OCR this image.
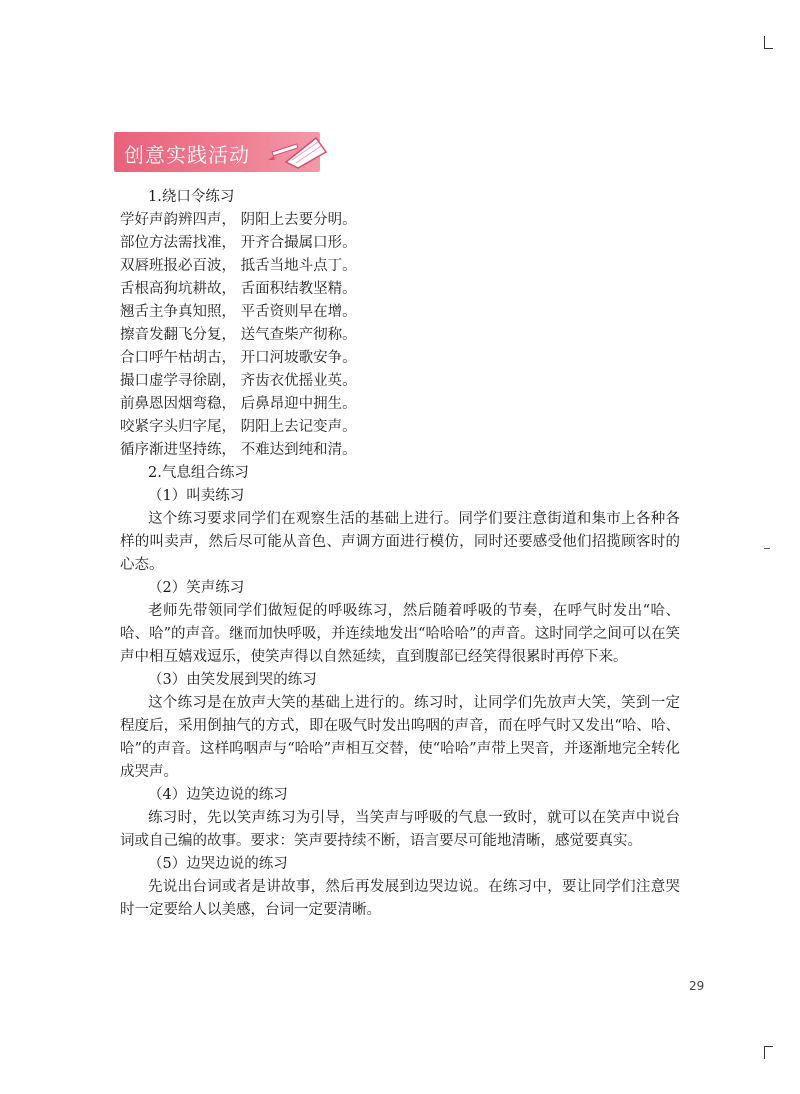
创意实践活动
1.绕口令练习
学好声韵辨四声， 阴阳上去要分明。
部位方法需找准， 开齐合撮属口形。
双唇班报必百波， 抵舌当地斗点丁。
舌根高狗坑耕故， 舌面积结教坚精。
翘舌主争真知照， 平舌资则早在增。
擦音发翻飞分复， 送气查柴产彻称。
合口呼午枯胡古， 开口河坡歌安争。
撮口虚学寻徐剧， 齐齿衣优摇业英。
前鼻恩因烟弯稳， 后鼻昂迎中拥生。
咬紧字头归字尾， 阴阳上去记变声。
循序渐进坚持练， 不难达到纯和清。
2.气息组合练习
（1）叫卖练习
这个练习要求同学们在观察生活的基础上进行。同学们要注意街道和集市上各种各样的叫卖声，然后尽可能从音色、声调方面进行模仿，同时还要感受他们招揽顾客时的心态。
（2）笑声练习
老师先带领同学们做短促的呼吸练习，然后随着呼吸的节奏，在呼气时发出“哈、哈、哈”的声音。继而加快呼吸，并连续地发出“哈哈哈”的声音。这时同学之间可以在笑声中相互嬉戏逗乐，使笑声得以自然延续，直到腹部已经笑得很累时再停下来。
（3）由笑发展到哭的练习
这个练习是在放声大笑的基础上进行的。练习时，让同学们先放声大笑，笑到一定程度后，采用倒抽气的方式，即在吸气时发出呜咽的声音，而在呼气时又发出“哈、哈、哈”的声音。这样呜咽声与“哈哈”声相互交替，使“哈哈”声带上哭音，并逐渐地完全转化成哭声。
（4）边笑边说的练习
练习时，先以笑声练习为引导，当笑声与呼吸的气息一致时，就可以在笑声中说台词或自己编的故事。要求：笑声要持续不断，语言要尽可能地清晰，感觉要真实。
（5）边哭边说的练习
先说出台词或者是讲故事，然后再发展到边哭边说。在练习中，要让同学们注意哭时一定要给人以美感，台词一定要清晰。
29
